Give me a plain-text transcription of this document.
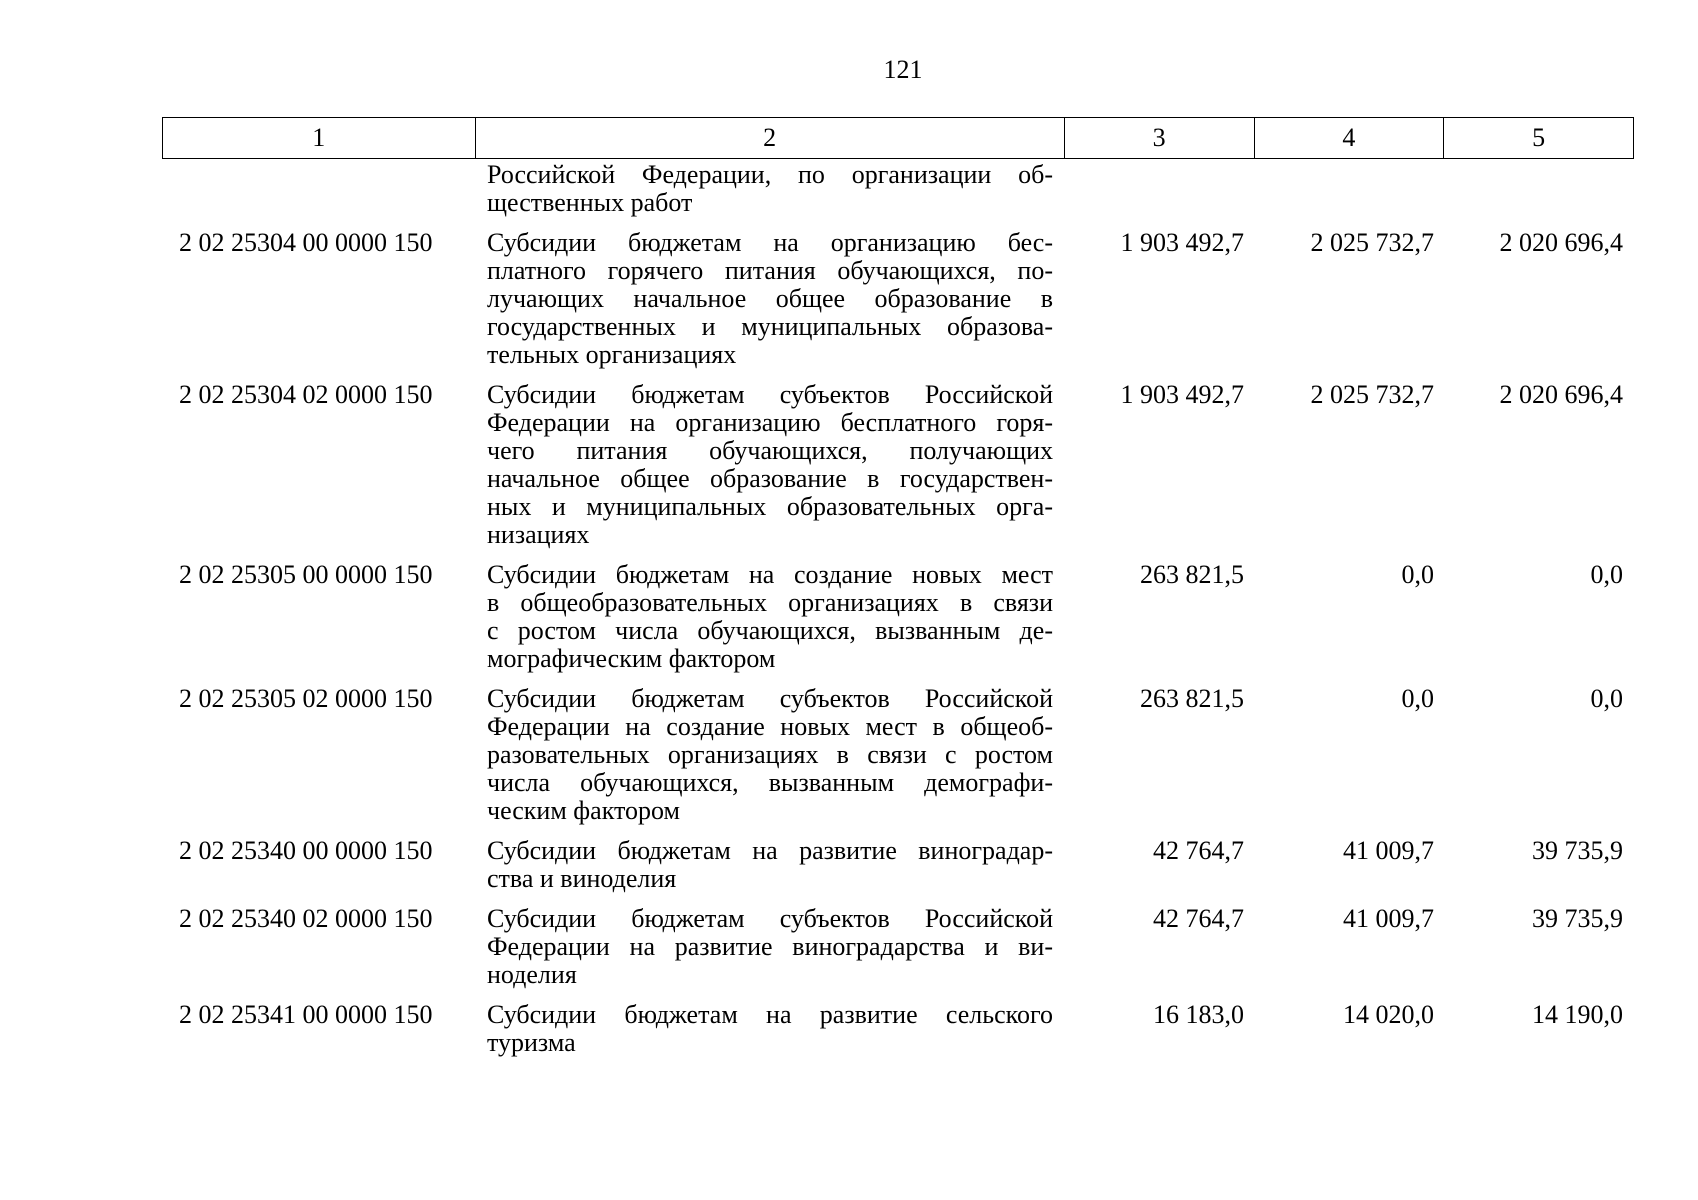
121
1	2	3	4	5
Российской Федерации, по организации об-
щественных работ
2 02 25304 00 0000 150	Субсидии бюджетам на организацию бес-
платного горячего питания обучающихся, по-
лучающих начальное общее образование в
государственных и муниципальных образова-
тельных организациях
1 903 492,7	2 025 732,7	2 020 696,4
2 02 25304 02 0000 150	Субсидии бюджетам субъектов Российской
Федерации на организацию бесплатного горя-
чего питания обучающихся, получающих
начальное общее образование в государствен-
ных и муниципальных образовательных орга-
низациях
1 903 492,7	2 025 732,7	2 020 696,4
2 02 25305 00 0000 150	Субсидии бюджетам на создание новых мест
в общеобразовательных организациях в связи
с ростом числа обучающихся, вызванным де-
мографическим фактором
263 821,5	0,0	0,0
2 02 25305 02 0000 150	Субсидии бюджетам субъектов Российской
Федерации на создание новых мест в общеоб-
разовательных организациях в связи с ростом
числа обучающихся, вызванным демографи-
ческим фактором
263 821,5	0,0	0,0
2 02 25340 00 0000 150	Субсидии бюджетам на развитие виноградар-
ства и виноделия
42 764,7	41 009,7	39 735,9
2 02 25340 02 0000 150	Субсидии бюджетам субъектов Российской
Федерации на развитие виноградарства и ви-
ноделия
42 764,7	41 009,7	39 735,9
2 02 25341 00 0000 150	Субсидии бюджетам на развитие сельского
туризма
16 183,0	14 020,0	14 190,0
